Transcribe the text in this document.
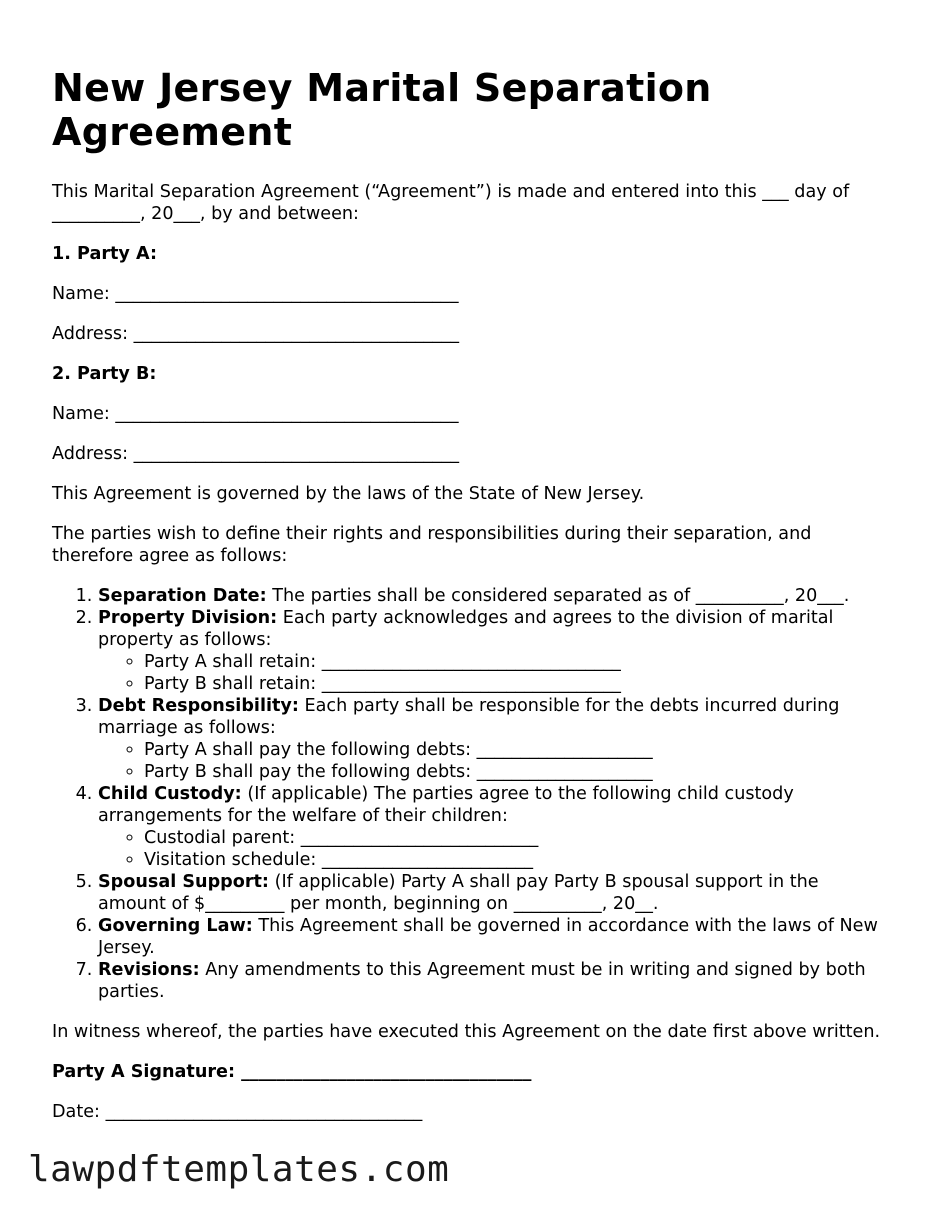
New Jersey Marital Separation Agreement

This Marital Separation Agreement (“Agreement”) is made and entered into this ___ day of __________, 20___, by and between:

1. Party A:

Name: _______________________________________

Address: _____________________________________

2. Party B:

Name: _______________________________________

Address: _____________________________________

This Agreement is governed by the laws of the State of New Jersey.

The parties wish to define their rights and responsibilities during their separation, and therefore agree as follows:

1. Separation Date: The parties shall be considered separated as of __________, 20___.
2. Property Division: Each party acknowledges and agrees to the division of marital property as follows:
◦ Party A shall retain: __________________________________
◦ Party B shall retain: __________________________________
3. Debt Responsibility: Each party shall be responsible for the debts incurred during marriage as follows:
◦ Party A shall pay the following debts: ____________________
◦ Party B shall pay the following debts: ____________________
4. Child Custody: (If applicable) The parties agree to the following child custody arrangements for the welfare of their children:
◦ Custodial parent: ___________________________
◦ Visitation schedule: ________________________
5. Spousal Support: (If applicable) Party A shall pay Party B spousal support in the amount of $_________ per month, beginning on __________, 20__.
6. Governing Law: This Agreement shall be governed in accordance with the laws of New Jersey.
7. Revisions: Any amendments to this Agreement must be in writing and signed by both parties.

In witness whereof, the parties have executed this Agreement on the date first above written.

Party A Signature: _________________________________

Date: ____________________________________

lawpdftemplates.com
